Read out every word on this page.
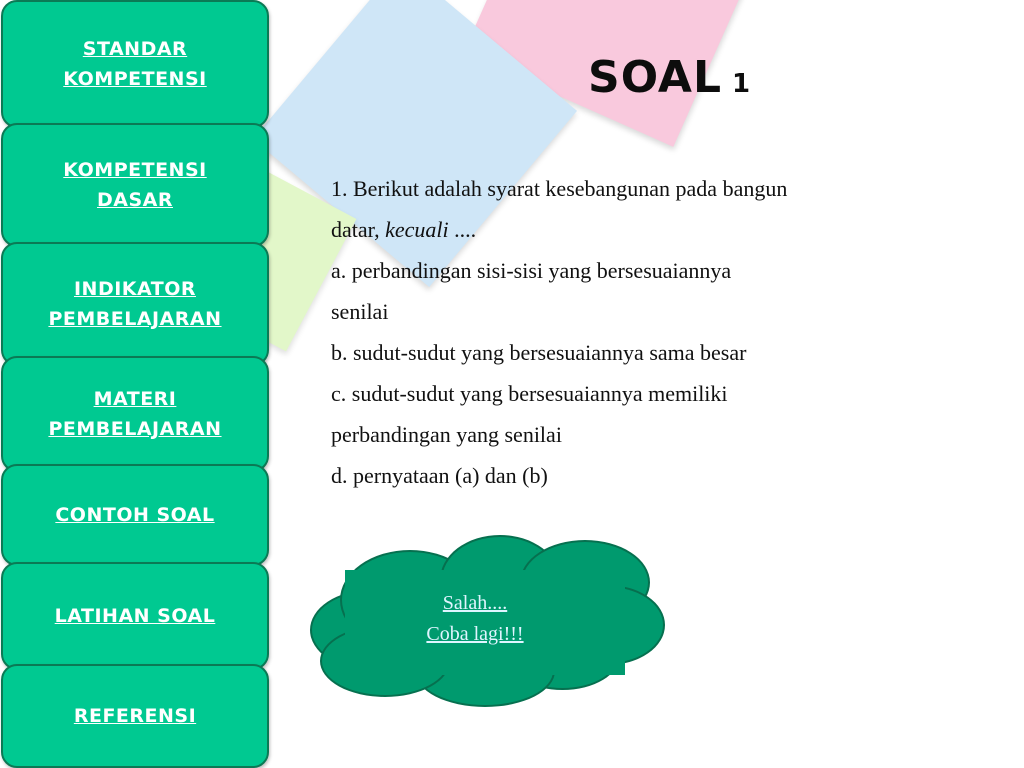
STANDAR
KOMPETENSI
KOMPETENSI
DASAR
INDIKATOR
PEMBELAJARAN
MATERI
PEMBELAJARAN
CONTOH SOAL
LATIHAN SOAL
REFERENSI
SOAL 1
1. Berikut adalah syarat kesebangunan pada bangun
datar, kecuali ....
a. perbandingan sisi-sisi yang bersesuaiannya
senilai
b. sudut-sudut yang bersesuaiannya sama besar
c. sudut-sudut yang bersesuaiannya memiliki
perbandingan yang senilai
d. pernyataan (a) dan (b)
Salah....
Coba lagi!!!
